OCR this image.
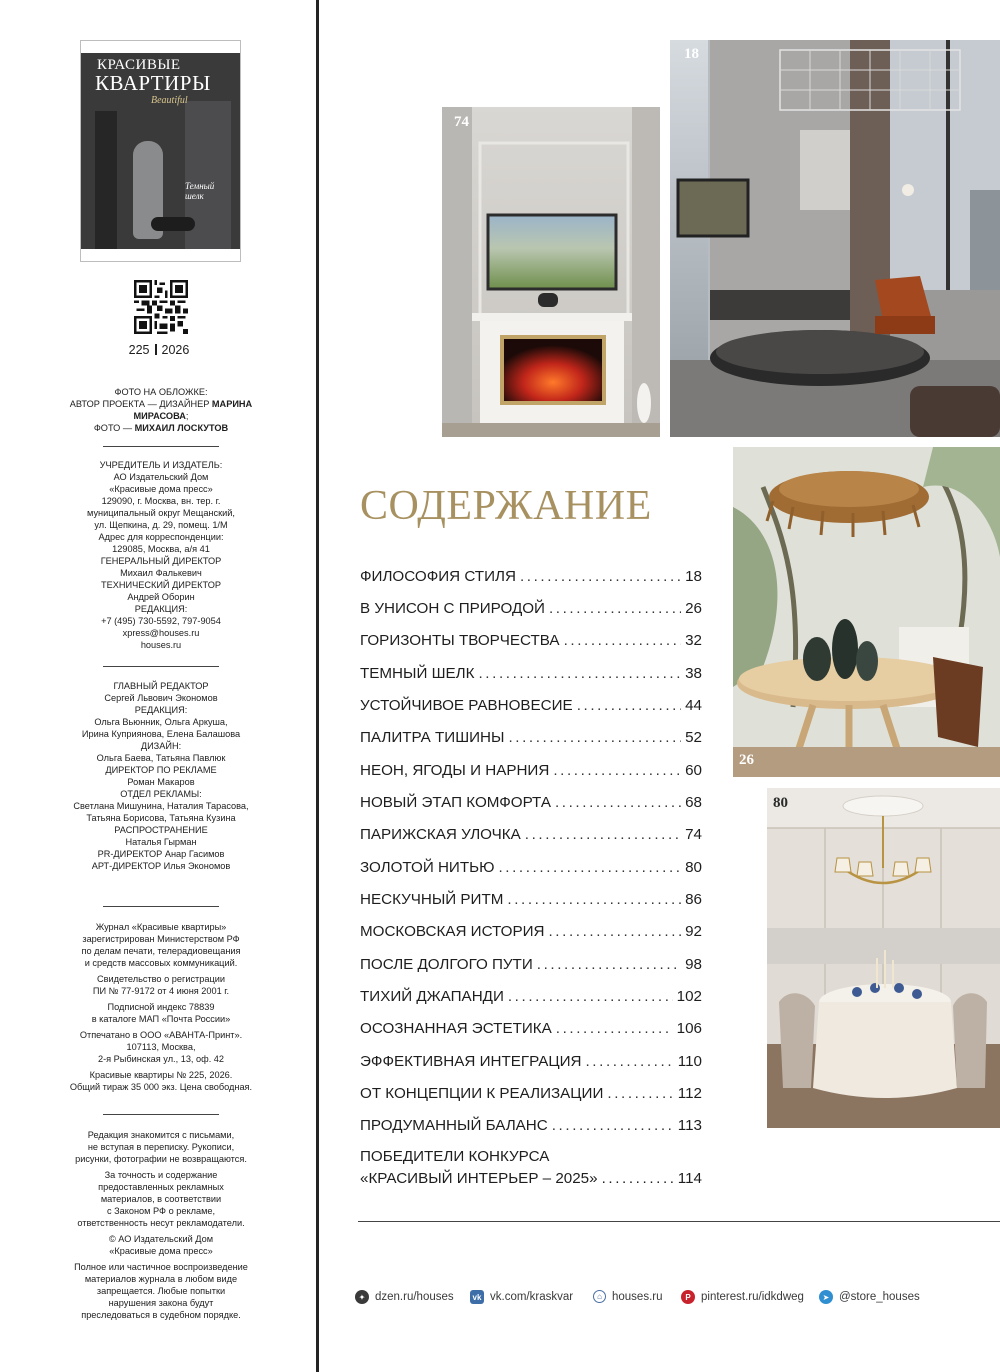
КРАСИВЫЕ
КВАРТИРЫ
Beautiful
Темный шелк
225 2026

ФОТО НА ОБЛОЖКЕ:

АВТОР ПРОЕКТА — ДИЗАЙНЕР МАРИНА МИРАСОВА;

ФОТО — МИХАИЛ ЛОСКУТОВ

УЧРЕДИТЕЛЬ И ИЗДАТЕЛЬ:

АО Издательский Дом

«Красивые дома пресс»

129090, г. Москва, вн. тер. г.

муниципальный округ Мещанский,

ул. Щепкина, д. 29, помещ. 1/М

Адрес для корреспонденции:

129085, Москва, а/я 41

ГЕНЕРАЛЬНЫЙ ДИРЕКТОР

Михаил Фалькевич

ТЕХНИЧЕСКИЙ ДИРЕКТОР

Андрей Оборин

РЕДАКЦИЯ:

+7 (495) 730-5592, 797-9054

xpress@houses.ru

houses.ru

ГЛАВНЫЙ РЕДАКТОР

Сергей Львович Экономов

РЕДАКЦИЯ:

Ольга Вьюнник, Ольга Аркуша,

Ирина Куприянова, Елена Балашова

ДИЗАЙН:

Ольга Баева, Татьяна Павлюк

ДИРЕКТОР ПО РЕКЛАМЕ

Роман Макаров

ОТДЕЛ РЕКЛАМЫ:

Светлана Мишунина, Наталия Тарасова,

Татьяна Борисова, Татьяна Кузина

РАСПРОСТРАНЕНИЕ

Наталья Гырман

PR-ДИРЕКТОР Анар Гасимов

АРТ-ДИРЕКТОР Илья Экономов

Журнал «Красивые квартиры»

зарегистрирован Министерством РФ

по делам печати, телерадиовещания

и средств массовых коммуникаций.

Свидетельство о регистрации

ПИ № 77-9172 от 4 июня 2001 г.

Подписной индекс 78839

в каталоге МАП «Почта России»

Отпечатано в ООО «АВАНТА-Принт».

107113, Москва,

2-я Рыбинская ул., 13, оф. 42

Красивые квартиры № 225, 2026.

Общий тираж 35 000 экз. Цена свободная.

Редакция знакомится с письмами,

не вступая в переписку. Рукописи,

рисунки, фотографии не возвращаются.

За точность и содержание

предоставленных рекламных

материалов, в соответствии

с Законом РФ о рекламе,

ответственность несут рекламодатели.

© АО Издательский Дом

«Красивые дома пресс»

Полное или частичное воспроизведение

материалов журнала в любом виде

запрещается. Любые попытки

нарушения закона будут

преследоваться в судебном порядке.

74
18
26
80
СОДЕРЖАНИЕ
ФИЛОСОФИЯ СТИЛЯ .....	18
В УНИСОН С ПРИРОДОЙ .....	26
ГОРИЗОНТЫ ТВОРЧЕСТВА .....	32
ТЕМНЫЙ ШЕЛК .....	38
УСТОЙЧИВОЕ РАВНОВЕСИЕ .....	44
ПАЛИТРА ТИШИНЫ .....	52
НЕОН, ЯГОДЫ И НАРНИЯ .....	60
НОВЫЙ ЭТАП КОМФОРТА .....	68
ПАРИЖСКАЯ УЛОЧКА .....	74
ЗОЛОТОЙ НИТЬЮ .....	80
НЕСКУЧНЫЙ РИТМ .....	86
МОСКОВСКАЯ ИСТОРИЯ .....	92
ПОСЛЕ ДОЛГОГО ПУТИ .....	98
ТИХИЙ ДЖАПАНДИ .....	102
ОСОЗНАННАЯ ЭСТЕТИКА .....	106
ЭФФЕКТИВНАЯ ИНТЕГРАЦИЯ .....	110
ОТ КОНЦЕПЦИИ К РЕАЛИЗАЦИИ .....	112
ПРОДУМАННЫЙ БАЛАНС .....	113
ПОБЕДИТЕЛИ КОНКУРСА
«КРАСИВЫЙ ИНТЕРЬЕР – 2025» .....	114
✦ dzen.ru/houses	vk vk.com/kraskvar	⌂ houses.ru	P pinterest.ru/idkdweg	➤ @store_houses
